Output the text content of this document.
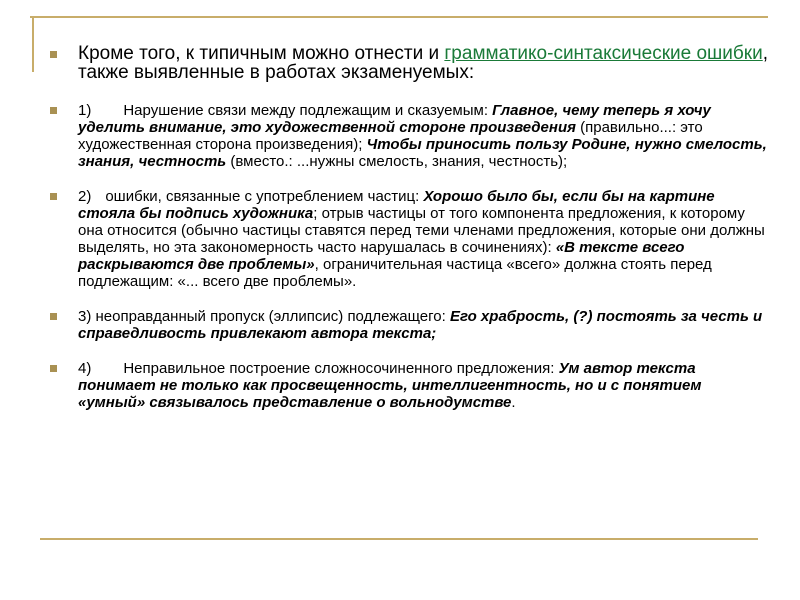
Кроме того, к типичным можно отнести и грамматико-синтаксические ошибки, также выявленные в работах экзаменуемых:
1) Нарушение связи между подлежащим и сказуемым: Главное, чему теперь я хочу уделить внимание, это художественной стороне произведения (правильно...: это художественная сторона произведения); Чтобы приносить пользу Родине, нужно смелость, знания, честность (вместо.: ...нужны смелость, знания, честность);
2) ошибки, связанные с употреблением частиц: Хорошо было бы, если бы на картине стояла бы подпись художника; отрыв частицы от того компонента предложения, к которому она относится (обычно частицы ставятся перед теми членами предложения, которые они должны выделять, но эта закономерность часто нарушалась в сочинениях): «В тексте всего раскрываются две проблемы», ограничительная частица «всего» должна стоять перед подлежащим: «... всего две проблемы».
3) неоправданный пропуск (эллипсис) подлежащего: Его храбрость, (?) постоять за честь и справедливость привлекают автора текста;
4) Неправильное построение сложносочиненного предложения: Ум автор текста понимает не только как просвещенность, интеллигентность, но и с понятием «умный» связывалось представление о вольнодумстве.
